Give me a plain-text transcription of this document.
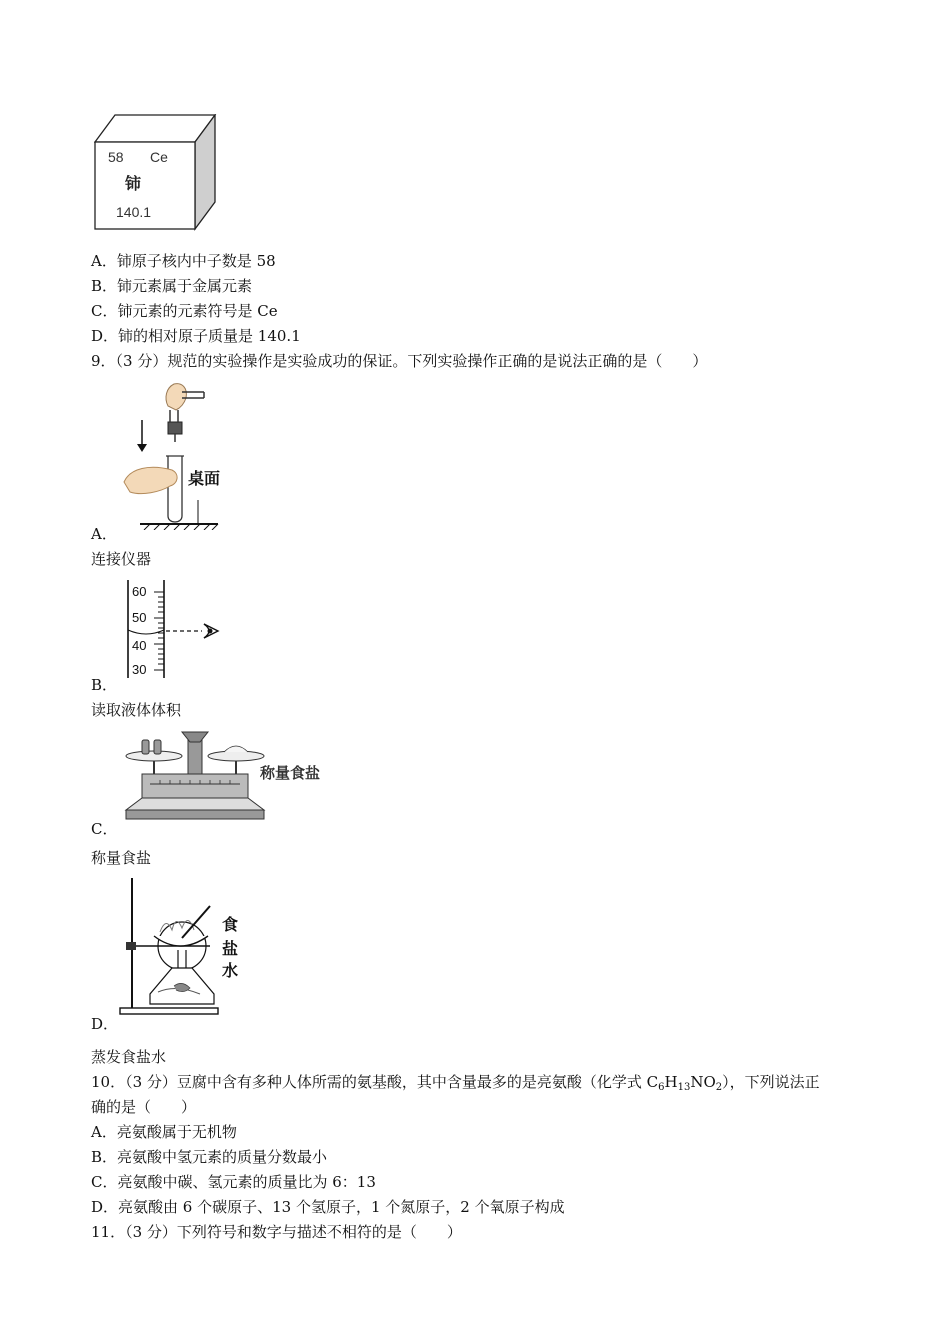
58 Ce
铈
140.1
A．铈原子核内中子数是 58
B．铈元素属于金属元素
C．铈元素的元素符号是 Ce
D．铈的相对原子质量是 140.1
9．（3 分）规范的实验操作是实验成功的保证。下列实验操作正确的是说法正确的是（　　）
桌面
A．
连接仪器
60
50
40
30
B．
读取液体体积
称量食盐
C．
称量食盐
食
盐
水
D．
蒸发食盐水
10．（3 分）豆腐中含有多种人体所需的氨基酸，其中含量最多的是亮氨酸（化学式 $C_6H_{13}NO_2$），下列说法正
确的是（　　）
A．亮氨酸属于无机物
B．亮氨酸中氢元素的质量分数最小
C．亮氨酸中碳、氢元素的质量比为 6：13
D．亮氨酸由 6 个碳原子、13 个氢原子，1 个氮原子，2 个氧原子构成
11．（3 分）下列符号和数字与描述不相符的是（　　）
